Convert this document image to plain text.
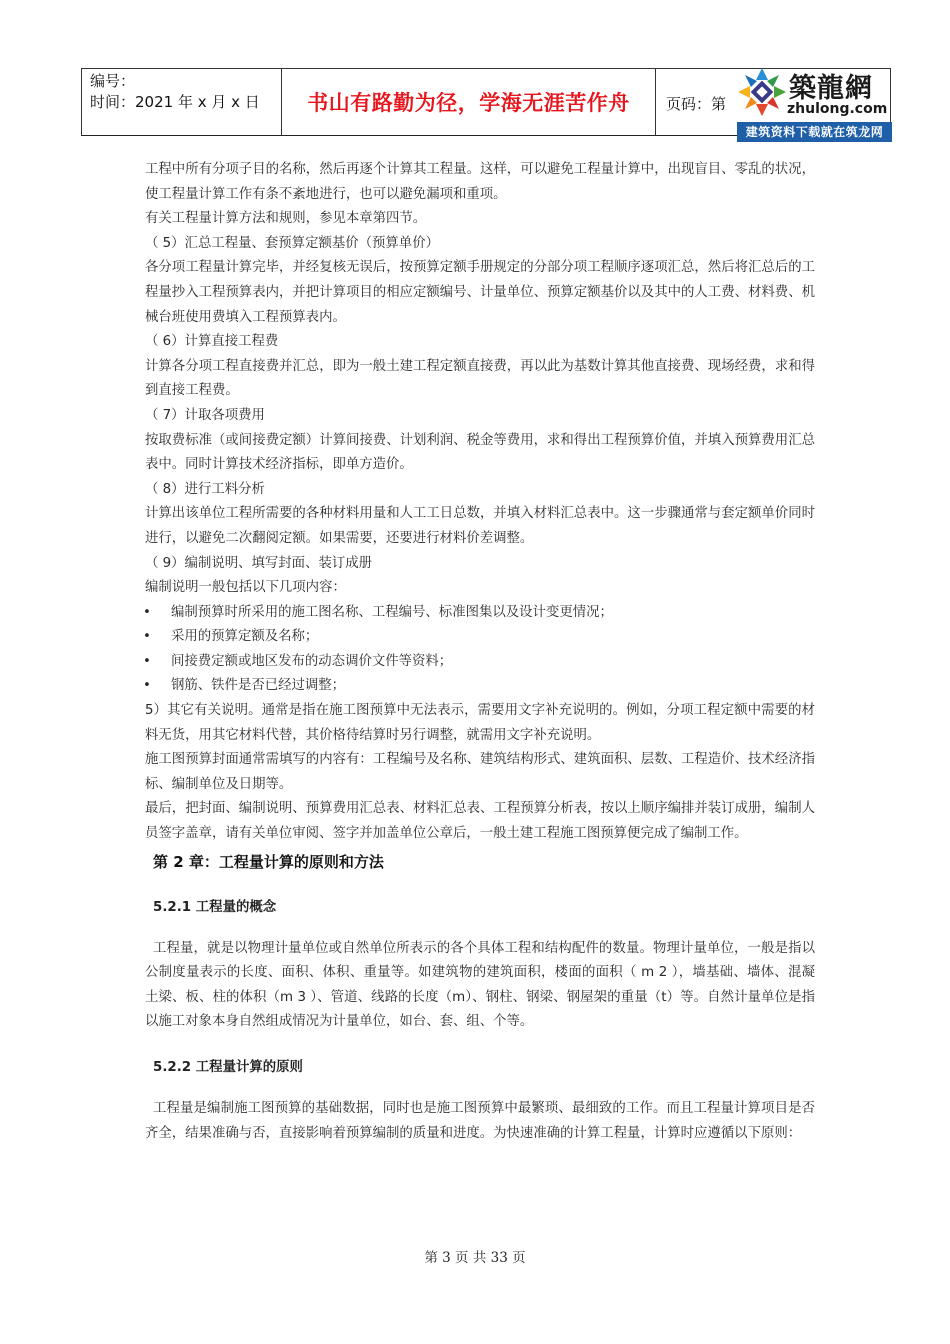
编号：
时间：2021 年 x 月 x 日	书山有路勤为径，学海无涯苦作舟 页码：第 築龍網
zhulong.com
建筑资料下载就在筑龙网

工程中所有分项子目的名称，然后再逐个计算其工程量。这样，可以避免工程量计算中，出现盲目、零乱的状况，使工程量计算工作有条不紊地进行，也可以避免漏项和重项。

有关工程量计算方法和规则，参见本章第四节。

（ 5）汇总工程量、套预算定额基价（预算单价）

各分项工程量计算完毕，并经复核无误后，按预算定额手册规定的分部分项工程顺序逐项汇总，然后将汇总后的工程量抄入工程预算表内，并把计算项目的相应定额编号、计量单位、预算定额基价以及其中的人工费、材料费、机械台班使用费填入工程预算表内。

（ 6）计算直接工程费

计算各分项工程直接费并汇总，即为一般土建工程定额直接费，再以此为基数计算其他直接费、现场经费，求和得到直接工程费。

（ 7）计取各项费用

按取费标准（或间接费定额）计算间接费、计划利润、税金等费用，求和得出工程预算价值，并填入预算费用汇总表中。同时计算技术经济指标，即单方造价。

（ 8）进行工料分析

计算出该单位工程所需要的各种材料用量和人工工日总数，并填入材料汇总表中。这一步骤通常与套定额单价同时进行，以避免二次翻阅定额。如果需要，还要进行材料价差调整。

（ 9）编制说明、填写封面、装订成册

编制说明一般包括以下几项内容：

• 编制预算时所采用的施工图名称、工程编号、标准图集以及设计变更情况；
• 采用的预算定额及名称；
• 间接费定额或地区发布的动态调价文件等资料；
• 钢筋、铁件是否已经过调整；

5）其它有关说明。通常是指在施工图预算中无法表示，需要用文字补充说明的。例如，分项工程定额中需要的材料无货，用其它材料代替，其价格待结算时另行调整，就需用文字补充说明。

施工图预算封面通常需填写的内容有：工程编号及名称、建筑结构形式、建筑面积、层数、工程造价、技术经济指标、编制单位及日期等。

最后，把封面、编制说明、预算费用汇总表、材料汇总表、工程预算分析表，按以上顺序编排并装订成册，编制人员签字盖章，请有关单位审阅、签字并加盖单位公章后，一般土建工程施工图预算便完成了编制工作。

第 2 章：工程量计算的原则和方法
5.2.1 工程量的概念

工程量，就是以物理计量单位或自然单位所表示的各个具体工程和结构配件的数量。物理计量单位，一般是指以公制度量表示的长度、面积、体积、重量等。如建筑物的建筑面积，楼面的面积（ m 2 ），墙基础、墙体、混凝土梁、板、柱的体积（m 3 ）、管道、线路的长度（m）、钢柱、钢梁、钢屋架的重量（t）等。自然计量单位是指以施工对象本身自然组成情况为计量单位，如台、套、组、个等。

5.2.2 工程量计算的原则

工程量是编制施工图预算的基础数据，同时也是施工图预算中最繁琐、最细致的工作。而且工程量计算项目是否齐全，结果准确与否，直接影响着预算编制的质量和进度。为快速准确的计算工程量，计算时应遵循以下原则：

第 3 页 共 33 页
